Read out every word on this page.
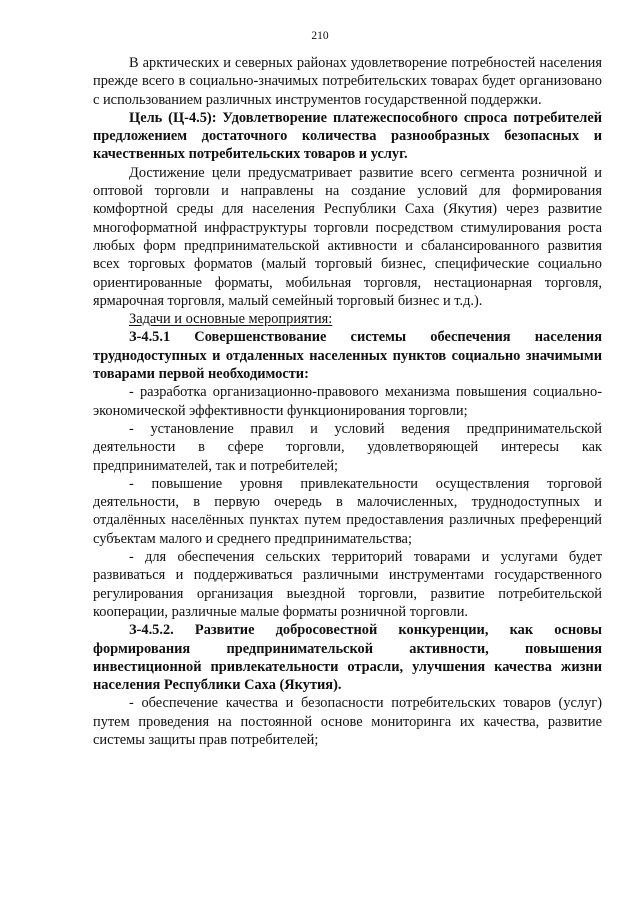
210

В арктических и северных районах удовлетворение потребностей населения прежде всего в социально-значимых потребительских товарах будет организовано с использованием различных инструментов государственной поддержки.

Цель (Ц-4.5): Удовлетворение платежеспособного спроса потребителей предложением достаточного количества разнообразных безопасных и качественных потребительских товаров и услуг.

Достижение цели предусматривает развитие всего сегмента розничной и оптовой торговли и направлены на создание условий для формирования комфортной среды для населения Республики Саха (Якутия) через развитие многоформатной инфраструктуры торговли посредством стимулирования роста любых форм предпринимательской активности и сбалансированного развития всех торговых форматов (малый торговый бизнес, специфические социально ориентированные форматы, мобильная торговля, нестационарная торговля, ярмарочная торговля, малый семейный торговый бизнес и т.д.).

Задачи и основные мероприятия:

З-4.5.1 Совершенствование системы обеспечения населения труднодоступных и отдаленных населенных пунктов социально значимыми товарами первой необходимости:

- разработка организационно-правового механизма повышения социально-экономической эффективности функционирования торговли;

- установление правил и условий ведения предпринимательской деятельности в сфере торговли, удовлетворяющей интересы как предпринимателей, так и потребителей;

- повышение уровня привлекательности осуществления торговой деятельности, в первую очередь в малочисленных, труднодоступных и отдалённых населённых пунктах путем предоставления различных преференций субъектам малого и среднего предпринимательства;

- для обеспечения сельских территорий товарами и услугами будет развиваться и поддерживаться различными инструментами государственного регулирования организация выездной торговли, развитие потребительской кооперации, различные малые форматы розничной торговли.

З-4.5.2. Развитие добросовестной конкуренции, как основы формирования предпринимательской активности, повышения инвестиционной привлекательности отрасли, улучшения качества жизни населения Республики Саха (Якутия).

- обеспечение качества и безопасности потребительских товаров (услуг) путем проведения на постоянной основе мониторинга их качества, развитие системы защиты прав потребителей;
